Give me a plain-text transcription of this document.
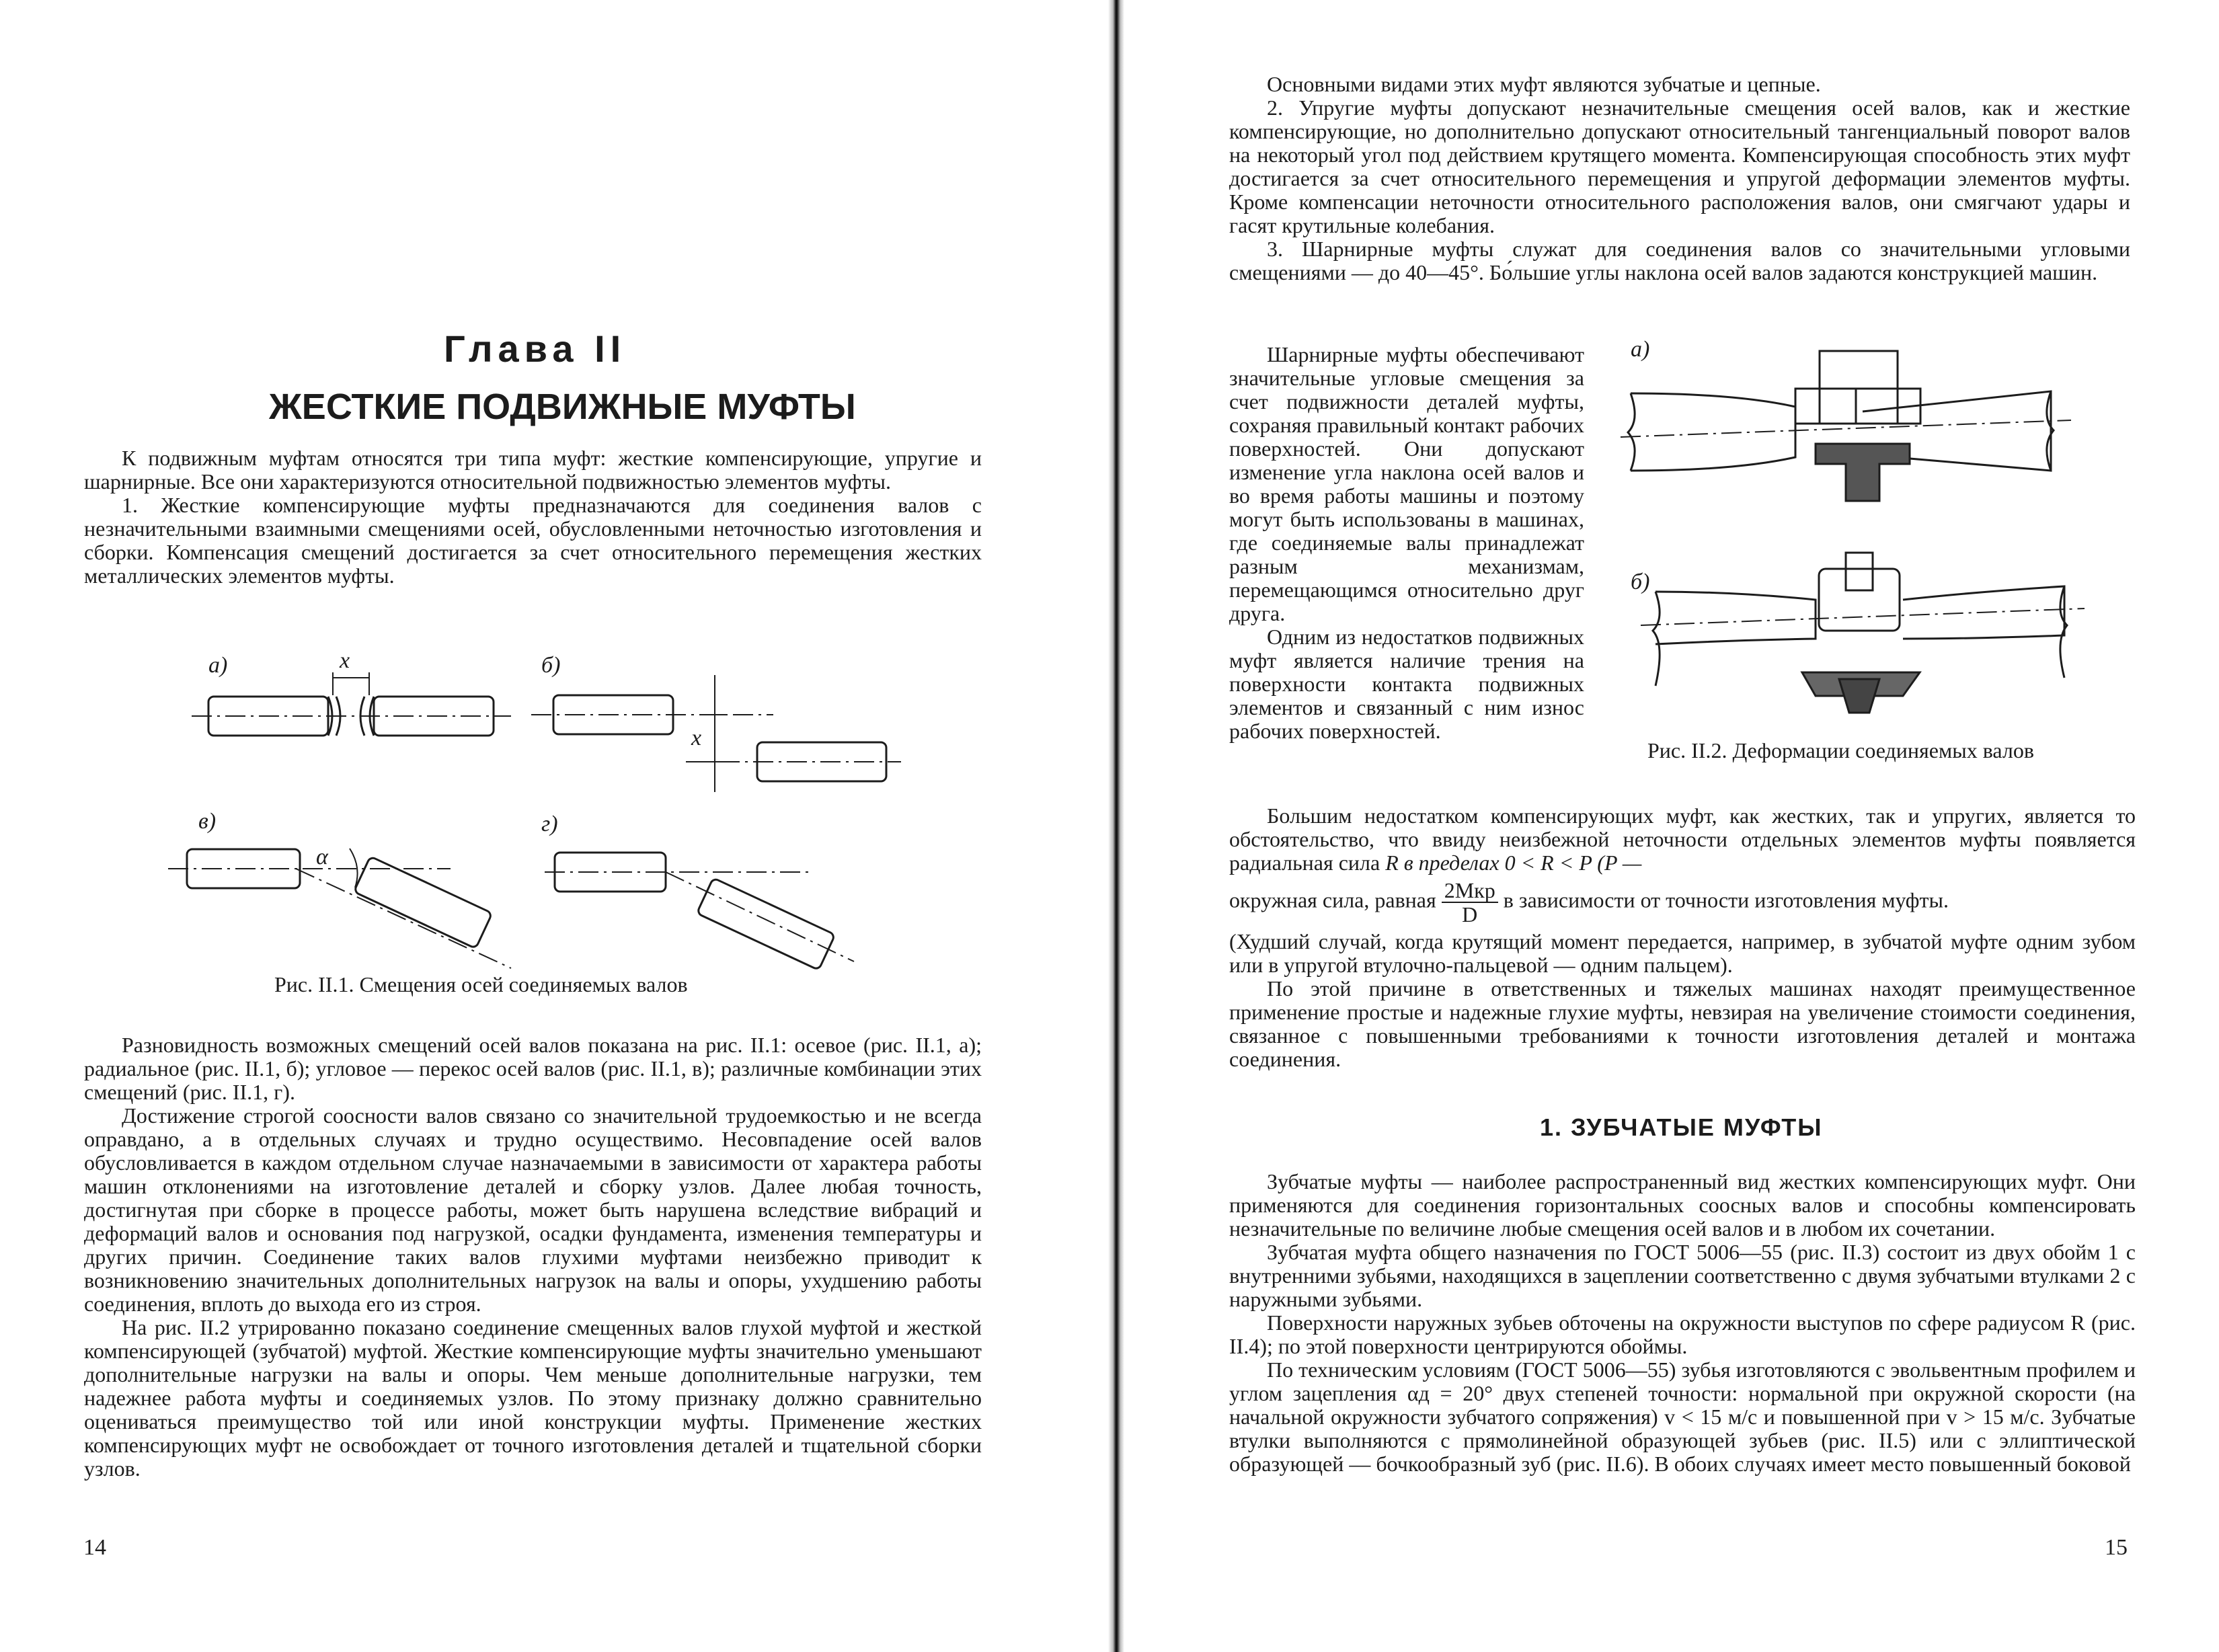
Глава II
ЖЕСТКИЕ ПОДВИЖНЫЕ МУФТЫ

К подвижным муфтам относятся три типа муфт: жесткие компенсирующие, упругие и шарнирные. Все они характеризуются относительной подвижностью элементов муфты.

1. Жесткие компенсирующие муфты предназначаются для соединения валов с незначительными взаимными смещениями осей, обусловленными неточностью изготовления и сборки. Компенсация смещений достигается за счет относительного перемещения жестких металлических элементов муфты.

а)	x	б)
x
в)
α
г)
Рис. II.1. Смещения осей соединяемых валов

Разновидность возможных смещений осей валов показана на рис. II.1: осевое (рис. II.1, а); радиальное (рис. II.1, б); угловое — перекос осей валов (рис. II.1, в); различные комбинации этих смещений (рис. II.1, г).

Достижение строгой соосности валов связано со значительной трудоемкостью и не всегда оправдано, а в отдельных случаях и трудно осуществимо. Несовпадение осей валов обусловливается в каждом отдельном случае назначаемыми в зависимости от характера работы машин отклонениями на изготовление деталей и сборку узлов. Далее любая точность, достигнутая при сборке в процессе работы, может быть нарушена вследствие вибраций и деформаций валов и основания под нагрузкой, осадки фундамента, изменения температуры и других причин. Соединение таких валов глухими муфтами неизбежно приводит к возникновению значительных дополнительных нагрузок на валы и опоры, ухудшению работы соединения, вплоть до выхода его из строя.

На рис. II.2 утрированно показано соединение смещенных валов глухой муфтой и жесткой компенсирующей (зубчатой) муфтой. Жесткие компенсирующие муфты значительно уменьшают дополнительные нагрузки на валы и опоры. Чем меньше дополнительные нагрузки, тем надежнее работа муфты и соединяемых узлов. По этому признаку должно сравнительно оцениваться преимущество той или иной конструкции муфты. Применение жестких компенсирующих муфт не освобождает от точного изготовления деталей и тщательной сборки узлов.

14

Основными видами этих муфт являются зубчатые и цепные.

2. Упругие муфты допускают незначительные смещения осей валов, как и жесткие компенсирующие, но дополнительно допускают относительный тангенциальный поворот валов на некоторый угол под действием крутящего момента. Компенсирующая способность этих муфт достигается за счет относительного перемещения и упругой деформации элементов муфты. Кроме компенсации неточности относительного расположения валов, они смягчают удары и гасят крутильные колебания.

3. Шарнирные муфты служат для соединения валов со значительными угловыми смещениями — до 40—45°. Бо́льшие углы наклона осей валов задаются конструкцией машин.

Шарнирные муфты обеспечивают значительные угловые смещения за счет подвижности деталей муфты, сохраняя правильный контакт рабочих поверхностей. Они допускают изменение угла наклона осей валов и во время работы машины и поэтому могут быть использованы в машинах, где соединяемые валы принадлежат разным механизмам, перемещающимся относительно друг друга.

Одним из недостатков подвижных муфт является наличие трения на поверхности контакта подвижных элементов и связанный с ним износ рабочих поверхностей.

а)
б)
Рис. II.2. Деформации соединяемых валов

Большим недостатком компенсирующих муфт, как жестких, так и упругих, является то обстоятельство, что ввиду неизбежной неточности отдельных элементов муфты появляется радиальная сила R в пределах 0 < R < P (P —

окружная сила, равная $\frac{\text{2Mкр}}{D}$ в зависимости от точности изготовления муфты.

(Худший случай, когда крутящий момент передается, например, в зубчатой муфте одним зубом или в упругой втулочно-пальцевой — одним пальцем).

По этой причине в ответственных и тяжелых машинах находят преимущественное применение простые и надежные глухие муфты, невзирая на увеличение стоимости соединения, связанное с повышенными требованиями к точности изготовления деталей и монтажа соединения.

1. ЗУБЧАТЫЕ МУФТЫ

Зубчатые муфты — наиболее распространенный вид жестких компенсирующих муфт. Они применяются для соединения горизонтальных соосных валов и способны компенсировать незначительные по величине любые смещения осей валов и в любом их сочетании.

Зубчатая муфта общего назначения по ГОСТ 5006—55 (рис. II.3) состоит из двух обойм 1 с внутренними зубьями, находящихся в зацеплении соответственно с двумя зубчатыми втулками 2 с наружными зубьями.

Поверхности наружных зубьев обточены на окружности выступов по сфере радиусом R (рис. II.4); по этой поверхности центрируются обоймы.

По техническим условиям (ГОСТ 5006—55) зубья изготовляются с эвольвентным профилем и углом зацепления αд = 20° двух степеней точности: нормальной при окружной скорости (на начальной окружности зубчатого сопряжения) v < 15 м/с и повышенной при v > 15 м/с. Зубчатые втулки выполняются с прямолинейной образующей зубьев (рис. II.5) или с эллиптической образующей — бочкообразный зуб (рис. II.6). В обоих случаях имеет место повышенный боковой

15
